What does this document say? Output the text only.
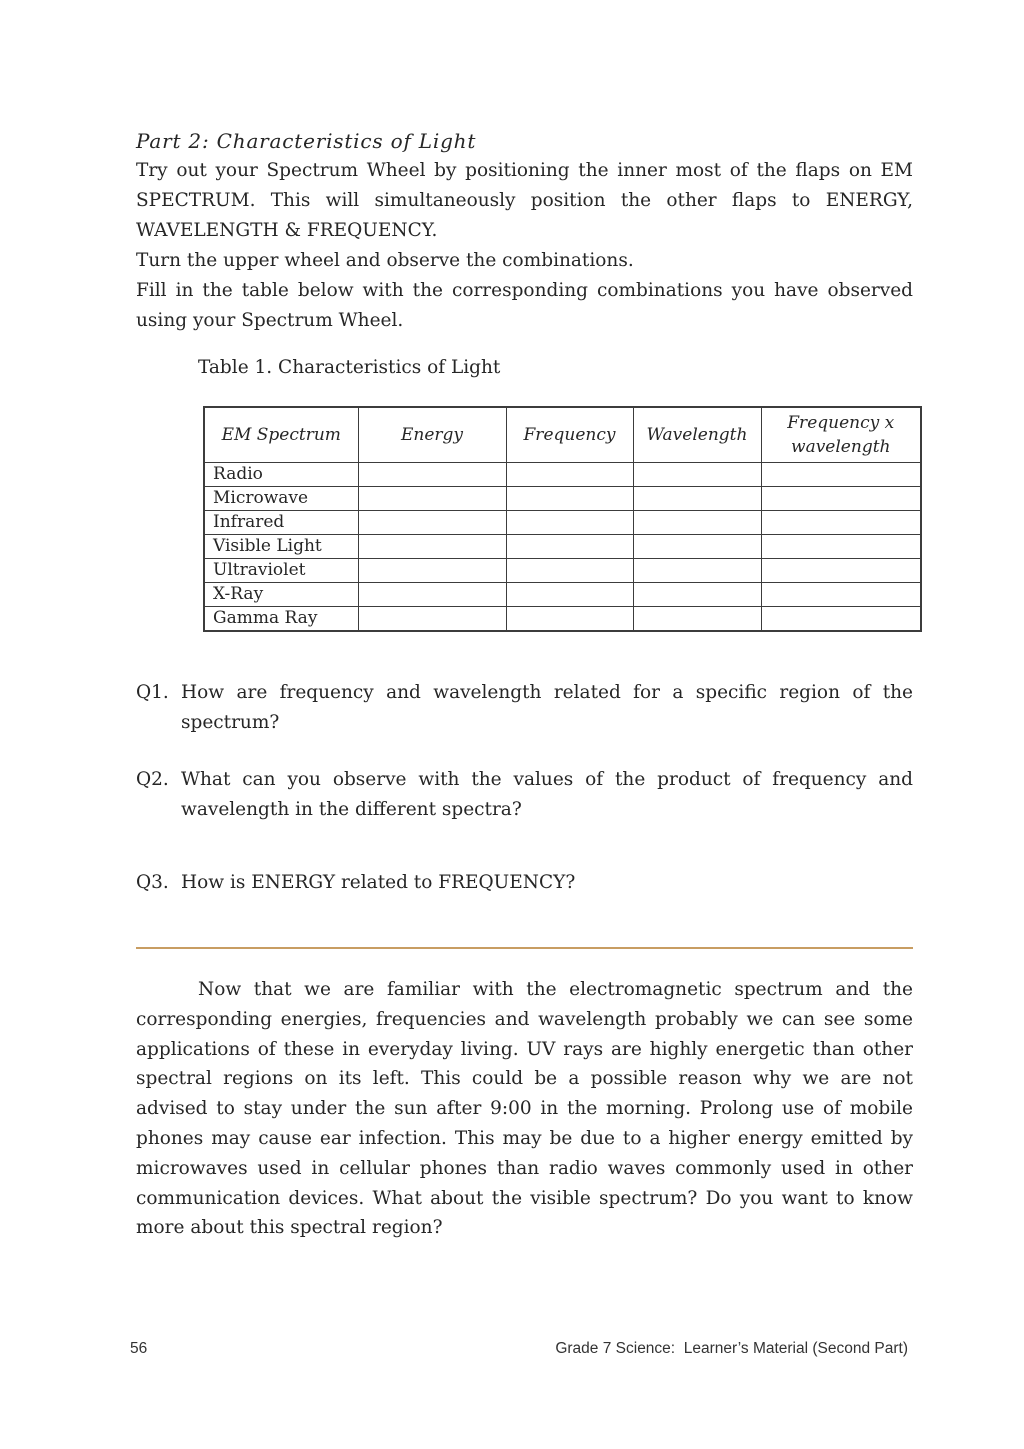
Part 2: Characteristics of Light

Try out your Spectrum Wheel by positioning the inner most of the flaps on EM SPECTRUM. This will simultaneously position the other flaps to ENERGY, WAVELENGTH & FREQUENCY.

Turn the upper wheel and observe the combinations.

Fill in the table below with the corresponding combinations you have observed using your Spectrum Wheel.

Table 1. Characteristics of Light

EM Spectrum	Energy	Frequency	Wavelength	Frequency x wavelength
Radio				
Microwave				
Infrared				
Visible Light				
Ultraviolet				
X-Ray				
Gamma Ray				
Q1. How are frequency and wavelength related for a specific region of the spectrum?
Q2. What can you observe with the values of the product of frequency and wavelength in the different spectra?
Q3. How is ENERGY related to FREQUENCY?

Now that we are familiar with the electromagnetic spectrum and the corresponding energies, frequencies and wavelength probably we can see some applications of these in everyday living. UV rays are highly energetic than other spectral regions on its left. This could be a possible reason why we are not advised to stay under the sun after 9:00 in the morning. Prolong use of mobile phones may cause ear infection. This may be due to a higher energy emitted by microwaves used in cellular phones than radio waves commonly used in other communication devices. What about the visible spectrum? Do you want to know more about this spectral region?

56	Grade 7 Science:  Learner’s Material (Second Part)
